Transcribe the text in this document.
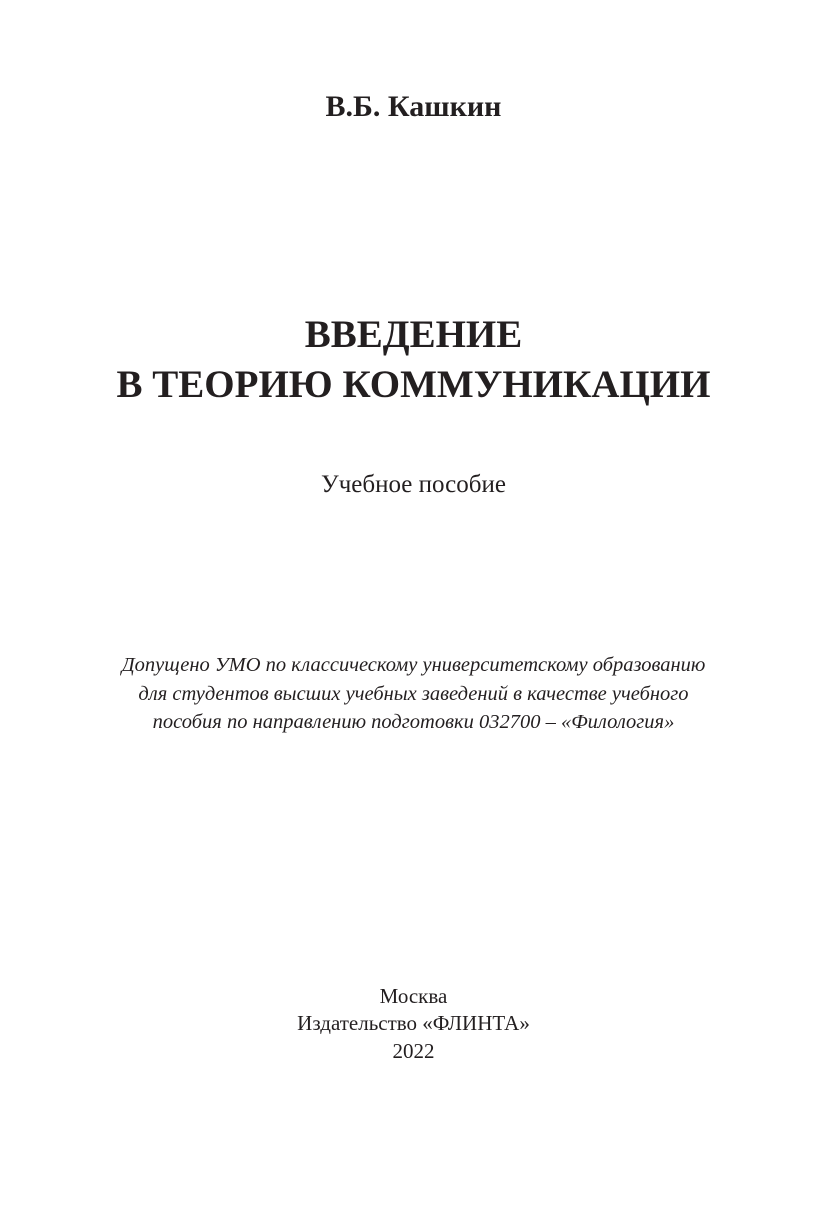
В.Б. Кашкин
ВВЕДЕНИЕ
В ТЕОРИЮ КОММУНИКАЦИИ
Учебное пособие
Допущено УМО по классическому университетскому образованию
для студентов высших учебных заведений в качестве учебного
пособия по направлению подготовки 032700 – «Филология»
Москва
Издательство «ФЛИНТА»
2022
